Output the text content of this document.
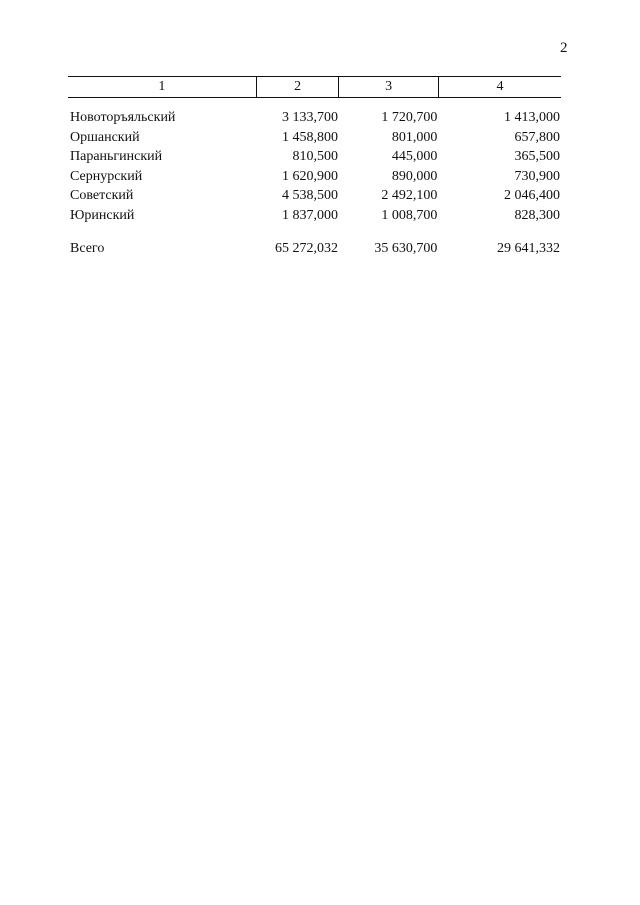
2
1	2	3	4

Новоторъяльский	3 133,700	1 720,700	1 413,000
Оршанский	1 458,800	801,000	657,800
Параньгинский	810,500	445,000	365,500
Сернурский	1 620,900	890,000	730,900
Советский	4 538,500	2 492,100	2 046,400
Юринский	1 837,000	1 008,700	828,300

Всего	65 272,032	35 630,700	29 641,332
